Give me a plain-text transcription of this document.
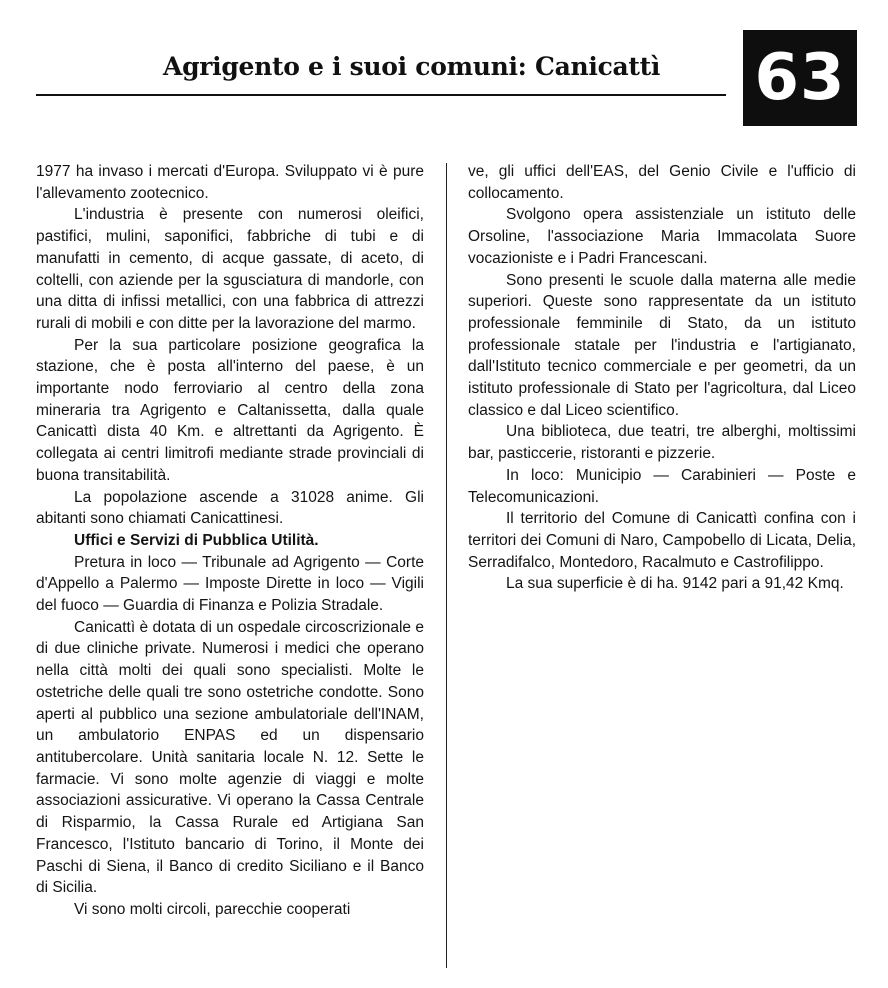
Agrigento e i suoi comuni: Canicattì 63

1977 ha invaso i mercati d'Europa. Sviluppato vi è pure l'allevamento zootecnico.

L'industria è presente con numerosi oleifici, pastifici, mulini, saponifici, fabbriche di tubi e di manufatti in cemento, di acque gassate, di aceto, di coltelli, con aziende per la sgusciatura di mandorle, con una ditta di infissi metallici, con una fabbrica di attrezzi rurali di mobili e con ditte per la lavorazione del marmo.

Per la sua particolare posizione geografica la stazione, che è posta all'interno del paese, è un importante nodo ferroviario al centro della zona mineraria tra Agrigento e Caltanissetta, dalla quale Canicattì dista 40 Km. e altrettanti da Agrigento. È collegata ai centri limitrofi mediante strade provinciali di buona transitabilità.

La popolazione ascende a 31028 anime. Gli abitanti sono chiamati Canicattinesi.

Uffici e Servizi di Pubblica Utilità.

Pretura in loco — Tribunale ad Agrigento — Corte d'Appello a Palermo — Imposte Dirette in loco — Vigili del fuoco — Guardia di Finanza e Polizia Stradale.

Canicattì è dotata di un ospedale circoscrizionale e di due cliniche private. Numerosi i medici che operano nella città molti dei quali sono specialisti. Molte le ostetriche delle quali tre sono ostetriche condotte. Sono aperti al pubblico una sezione ambulatoriale dell'INAM, un ambulatorio ENPAS ed un dispensario antitubercolare. Unità sanitaria locale N. 12. Sette le farmacie. Vi sono molte agenzie di viaggi e molte associazioni assicurative. Vi operano la Cassa Centrale di Risparmio, la Cassa Rurale ed Artigiana San Francesco, l'Istituto bancario di Torino, il Monte dei Paschi di Siena, il Banco di credito Siciliano e il Banco di Sicilia.

Vi sono molti circoli, parecchie cooperati

ve, gli uffici dell'EAS, del Genio Civile e l'ufficio di collocamento.

Svolgono opera assistenziale un istituto delle Orsoline, l'associazione Maria Immacolata Suore vocazioniste e i Padri Francescani.

Sono presenti le scuole dalla materna alle medie superiori. Queste sono rappresentate da un istituto professionale femminile di Stato, da un istituto professionale statale per l'industria e l'artigianato, dall'Istituto tecnico commerciale e per geometri, da un istituto professionale di Stato per l'agricoltura, dal Liceo classico e dal Liceo scientifico.

Una biblioteca, due teatri, tre alberghi, moltissimi bar, pasticcerie, ristoranti e pizzerie.

In loco: Municipio — Carabinieri — Poste e Telecomunicazioni.

Il territorio del Comune di Canicattì confina con i territori dei Comuni di Naro, Campobello di Licata, Delia, Serradifalco, Montedoro, Racalmuto e Castrofilippo.

La sua superficie è di ha. 9142 pari a 91,42 Kmq.
